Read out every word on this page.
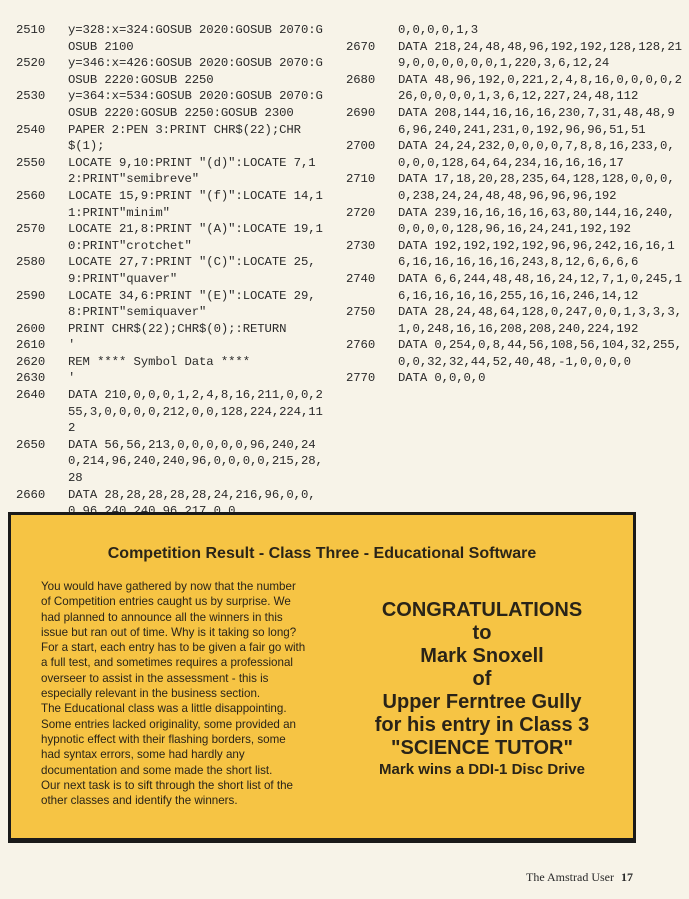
2510	y=328:x=324:GOSUB 2020:GOSUB 2070:GOSUB 2100
2520	y=346:x=426:GOSUB 2020:GOSUB 2070:GOSUB 2220:GOSUB 2250
2530	y=364:x=534:GOSUB 2020:GOSUB 2070:GOSUB 2220:GOSUB 2250:GOSUB 2300
2540	PAPER 2:PEN 3:PRINT CHR$(22);CHR$(1);
2550	LOCATE 9,10:PRINT "(d)":LOCATE 7,12:PRINT"semibreve"
2560	LOCATE 15,9:PRINT "(f)":LOCATE 14,11:PRINT"minim"
2570	LOCATE 21,8:PRINT "(A)":LOCATE 19,10:PRINT"crotchet"
2580	LOCATE 27,7:PRINT "(C)":LOCATE 25,9:PRINT"quaver"
2590	LOCATE 34,6:PRINT "(E)":LOCATE 29,8:PRINT"semiquaver"
2600	PRINT CHR$(22);CHR$(0);:RETURN
2610	'
2620	REM **** Symbol Data ****
2630	'
2640	DATA 210,0,0,0,1,2,4,8,16,211,0,0,255,3,0,0,0,0,212,0,0,128,224,224,112
2650	DATA 56,56,213,0,0,0,0,0,96,240,240,214,96,240,240,96,0,0,0,0,215,28,28
2660	DATA 28,28,28,28,28,24,216,96,0,0,
0,0,0,0,1,3
2670	DATA 218,24,48,48,96,192,192,128,128,219,0,0,0,0,0,0,1,220,3,6,12,24
2680	DATA 48,96,192,0,221,2,4,8,16,0,0,0,0,226,0,0,0,0,1,3,6,12,227,24,48,112
2690	DATA 208,144,16,16,16,230,7,31,48,48,96,96,240,241,231,0,192,96,96,51,51
2700	DATA 24,24,232,0,0,0,0,7,8,8,16,233,0,0,0,0,128,64,64,234,16,16,16,17
2710	DATA 17,18,20,28,235,64,128,128,0,0,0,0,238,24,24,48,48,96,96,96,192
2720	DATA 239,16,16,16,16,63,80,144,16,240,0,0,0,0,128,96,16,24,241,192,192
2730	DATA 192,192,192,192,96,96,242,16,16,16,16,16,16,16,16,243,8,12,6,6,6,6
2740	DATA 6,6,244,48,48,16,24,12,7,1,0,245,16,16,16,16,16,255,16,16,246,14,12
2750	DATA 28,24,48,64,128,0,247,0,0,1,3,3,3,1,0,248,16,16,208,208,240,224,192
2760	DATA 0,254,0,8,44,56,108,56,104,32,255,0,0,32,32,44,52,40,48,-1,0,0,0,0
2770	DATA 0,0,0,0
Competition Result - Class Three - Educational Software
You would have gathered by now that the number
of Competition entries caught us by surprise. We
had planned to announce all the winners in this
issue but ran out of time. Why is it taking so long?
For a start, each entry has to be given a fair go with
a full test, and sometimes requires a professional
overseer to assist in the assessment - this is
especially relevant in the business section.
The Educational class was a little disappointing.
Some entries lacked originality, some provided an
hypnotic effect with their flashing borders, some
had syntax errors, some had hardly any
documentation and some made the short list.
Our next task is to sift through the short list of the
other classes and identify the winners.
CONGRATULATIONS
to
Mark Snoxell
of
Upper Ferntree Gully
for his entry in Class 3
"SCIENCE TUTOR"
Mark wins a DDI-1 Disc Drive
The Amstrad User 17
